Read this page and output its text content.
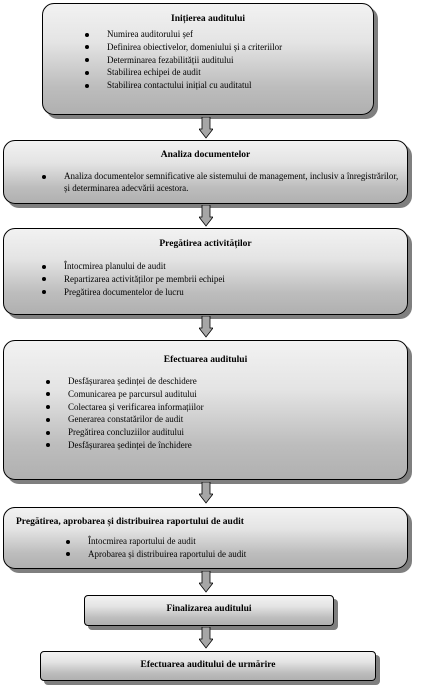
Inițierea auditului
Numirea auditorului șef
Definirea obiectivelor, domeniului și a criteriilor
Determinarea fezabilității auditului
Stabilirea echipei de audit
Stabilirea contactului inițial cu auditatul
Analiza documentelor
Analiza documentelor semnificative ale sistemului de management, inclusiv a înregistrărilor, și determinarea adecvării acestora.
Pregătirea activităților
Întocmirea planului de audit
Repartizarea activităților pe membrii echipei
Pregătirea documentelor de lucru
Efectuarea auditului
Desfășurarea ședinței de deschidere
Comunicarea pe parcursul auditului
Colectarea și verificarea informațiilor
Generarea constatărilor de audit
Pregătirea concluziilor auditului
Desfășurarea ședinței de închidere
Pregătirea, aprobarea și distribuirea raportului de audit
Întocmirea raportului de audit
Aprobarea și distribuirea raportului de audit
Finalizarea auditului
Efectuarea auditului de urmărire
